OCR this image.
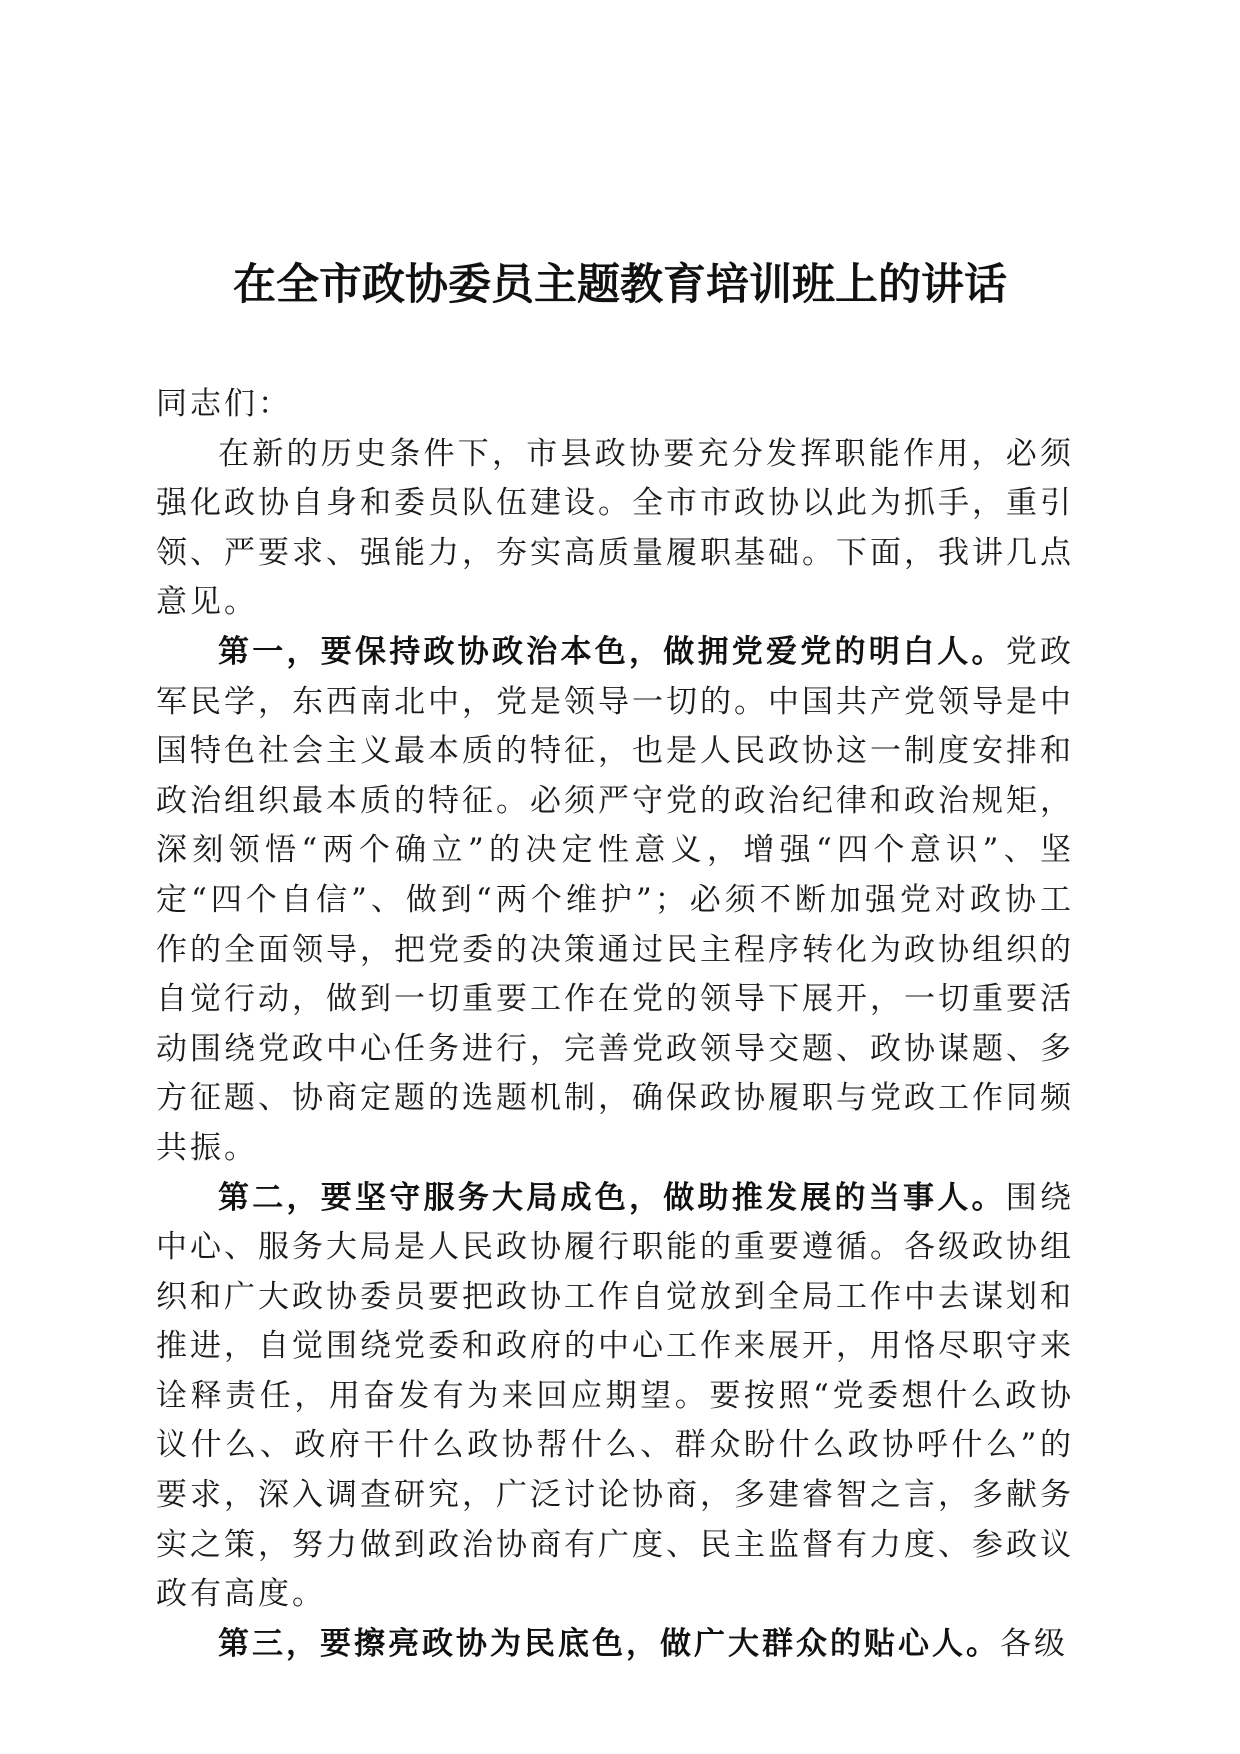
在全市政协委员主题教育培训班上的讲话

同志们：

在新的历史条件下，市县政协要充分发挥职能作用，必须强化政协自身和委员队伍建设。全市市政协以此为抓手，重引领、严要求、强能力，夯实高质量履职基础。下面，我讲几点意见。

第一，要保持政协政治本色，做拥党爱党的明白人。党政军民学，东西南北中，党是领导一切的。中国共产党领导是中国特色社会主义最本质的特征，也是人民政协这一制度安排和政治组织最本质的特征。必须严守党的政治纪律和政治规矩，深刻领悟“两个确立”的决定性意义，增强“四个意识”、坚定“四个自信”、做到“两个维护”；必须不断加强党对政协工作的全面领导，把党委的决策通过民主程序转化为政协组织的自觉行动，做到一切重要工作在党的领导下展开，一切重要活动围绕党政中心任务进行，完善党政领导交题、政协谋题、多方征题、协商定题的选题机制，确保政协履职与党政工作同频共振。

第二，要坚守服务大局成色，做助推发展的当事人。围绕中心、服务大局是人民政协履行职能的重要遵循。各级政协组织和广大政协委员要把政协工作自觉放到全局工作中去谋划和推进，自觉围绕党委和政府的中心工作来展开，用恪尽职守来诠释责任，用奋发有为来回应期望。要按照“党委想什么政协议什么、政府干什么政协帮什么、群众盼什么政协呼什么”的要求，深入调查研究，广泛讨论协商，多建睿智之言，多献务实之策，努力做到政治协商有广度、民主监督有力度、参政议政有高度。

第三，要擦亮政协为民底色，做广大群众的贴心人。各级
